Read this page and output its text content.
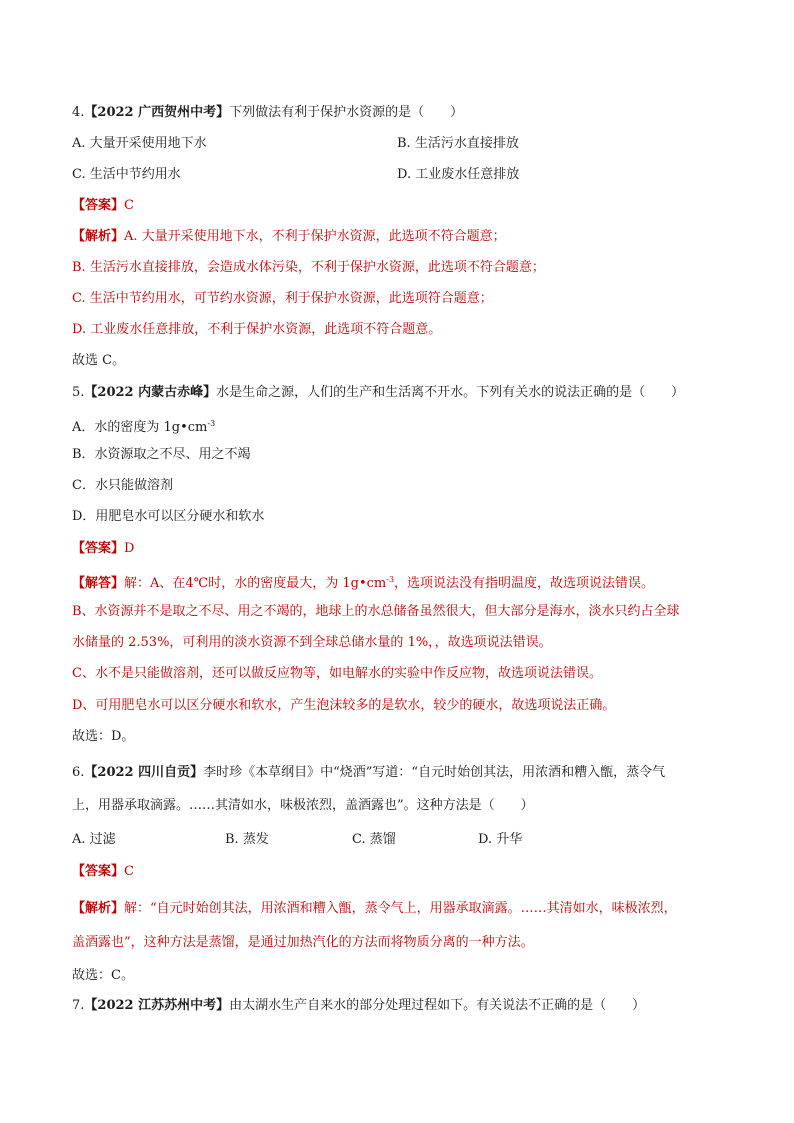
4.【2022 广西贺州中考】下列做法有利于保护水资源的是（　　）
A. 大量开采使用地下水	B. 生活污水直接排放
C. 生活中节约用水	D. 工业废水任意排放
【答案】C
【解析】A. 大量开采使用地下水，不利于保护水资源，此选项不符合题意；
B. 生活污水直接排放，会造成水体污染，不利于保护水资源，此选项不符合题意；
C. 生活中节约用水，可节约水资源，利于保护水资源，此选项符合题意；
D. 工业废水任意排放，不利于保护水资源，此选项不符合题意。
故选 C。
5.【2022 内蒙古赤峰】水是生命之源，人们的生产和生活离不开水。下列有关水的说法正确的是（　　）
A．水的密度为 $1g•cm^{-3}$
B．水资源取之不尽、用之不竭
C．水只能做溶剂
D．用肥皂水可以区分硬水和软水
【答案】D
【解答】解：A、在4℃时，水的密度最大，为 $1g•cm^{-3}$，选项说法没有指明温度，故选项说法错误。
B、水资源并不是取之不尽、用之不竭的，地球上的水总储备虽然很大，但大部分是海水，淡水只约占全球
水储量的 2.53%，可利用的淡水资源不到全球总储水量的 1%，，故选项说法错误。
C、水不是只能做溶剂，还可以做反应物等，如电解水的实验中作反应物，故选项说法错误。
D、可用肥皂水可以区分硬水和软水，产生泡沫较多的是软水，较少的硬水，故选项说法正确。
故选：D。
6.【2022 四川自贡】李时珍《本草纲目》中“烧酒”写道：“自元时始创其法，用浓酒和糟入甑，蒸令气
上，用器承取滴露。……其清如水，味极浓烈，盖酒露也”。这种方法是（　　）
A. 过滤	B. 蒸发	C. 蒸馏	D. 升华
【答案】C
【解析】解：“自元时始创其法，用浓酒和糟入甑，蒸令气上，用器承取滴露。……其清如水，味极浓烈，
盖酒露也”，这种方法是蒸馏，是通过加热汽化的方法而将物质分离的一种方法。
故选：C。
7.【2022 江苏苏州中考】由太湖水生产自来水的部分处理过程如下。有关说法不正确的是（　　）
